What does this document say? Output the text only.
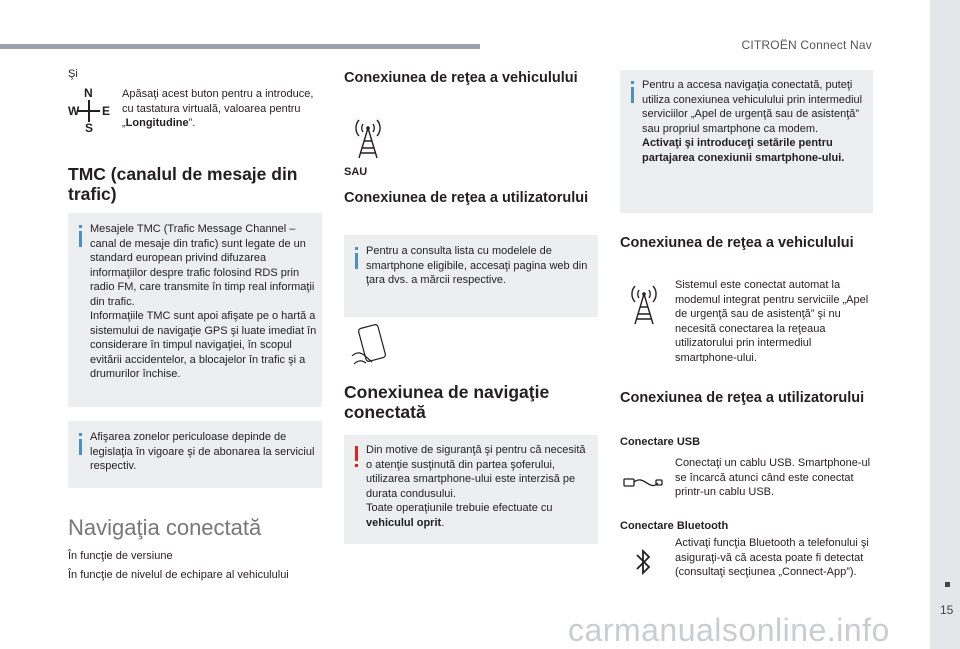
CITROËN Connect Nav
15
carmanualsonline.info
Şi
N
W E
S
Apăsaţi acest buton pentru a introduce, cu tastatura virtuală, valoarea pentru „Longitudine”.
TMC (canalul de mesaje din trafic)

Mesajele TMC (Trafic Message Channel – canal de mesaje din trafic) sunt legate de un standard european privind difuzarea informaţiilor despre trafic folosind RDS prin radio FM, care transmite în timp real informaţii din trafic.

Informaţiile TMC sunt apoi afişate pe o hartă a sistemului de navigaţie GPS şi luate imediat în considerare în timpul navigaţiei, în scopul evitării accidentelor, a blocajelor în trafic şi a drumurilor închise.

Afişarea zonelor periculoase depinde de legislaţia în vigoare şi de abonarea la serviciul respectiv.
Navigaţia conectată
În funcţie de versiune
În funcţie de nivelul de echipare al vehiculului
Conexiunea de reţea a vehiculului
SAU
Conexiunea de reţea a utilizatorului
Pentru a consulta lista cu modelele de smartphone eligibile, accesaţi pagina web din ţara dvs. a mărcii respective.
Conexiunea de navigaţie conectată

Din motive de siguranţă şi pentru că necesită o atenţie susţinută din partea şoferului, utilizarea smartphone-ului este interzisă pe durata condusului.

Toate operaţiunile trebuie efectuate cu vehiculul oprit.

Pentru a accesa navigaţia conectată, puteţi utiliza conexiunea vehiculului prin intermediul serviciilor „Apel de urgenţă sau de asistenţă” sau propriul smartphone ca modem.

Activaţi şi introduceţi setările pentru partajarea conexiunii smartphone-ului.

Conexiunea de reţea a vehiculului
Sistemul este conectat automat la modemul integrat pentru serviciile „Apel de urgenţă sau de asistenţă” şi nu necesită conectarea la reţeaua utilizatorului prin intermediul smartphone-ului.
Conexiunea de reţea a utilizatorului
Conectare USB
Conectaţi un cablu USB. Smartphone-ul se încarcă atunci când este conectat printr-un cablu USB.
Conectare Bluetooth
Activaţi funcţia Bluetooth a telefonului şi asiguraţi-vă că acesta poate fi detectat (consultaţi secţiunea „Connect-App”).
